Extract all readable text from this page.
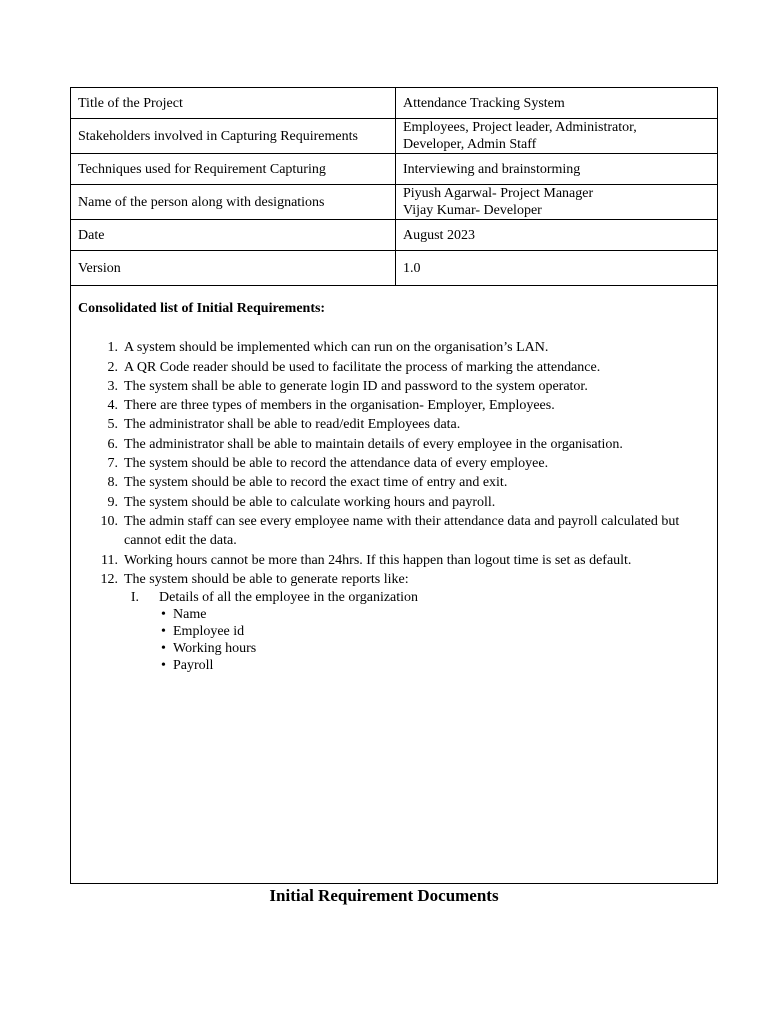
Title of the Project	Attendance Tracking System
Stakeholders involved in Capturing Requirements	Employees, Project leader, Administrator,
Developer, Admin Staff

Techniques used for Requirement Capturing	Interviewing and brainstorming
Name of the person along with designations	Piyush Agarwal- Project Manager
Vijay Kumar- Developer

Date	August 2023
Version	1.0
Consolidated list of Initial Requirements:
1. A system should be implemented which can run on the organisation’s LAN.
2. A QR Code reader should be used to facilitate the process of marking the attendance.
3. The system shall be able to generate login ID and password to the system operator.
4. There are three types of members in the organisation- Employer, Employees.
5. The administrator shall be able to read/edit Employees data.
6. The administrator shall be able to maintain details of every employee in the organisation.
7. The system should be able to record the attendance data of every employee.
8. The system should be able to record the exact time of entry and exit.
9. The system should be able to calculate working hours and payroll.
10. The admin staff can see every employee name with their attendance data and payroll calculated but cannot edit the data.
11. Working hours cannot be more than 24hrs. If this happen than logout time is set as default.
12. The system should be able to generate reports like:
I. Details of all the employee in the organization
• Name
• Employee id
• Working hours
• Payroll
Initial Requirement Documents
